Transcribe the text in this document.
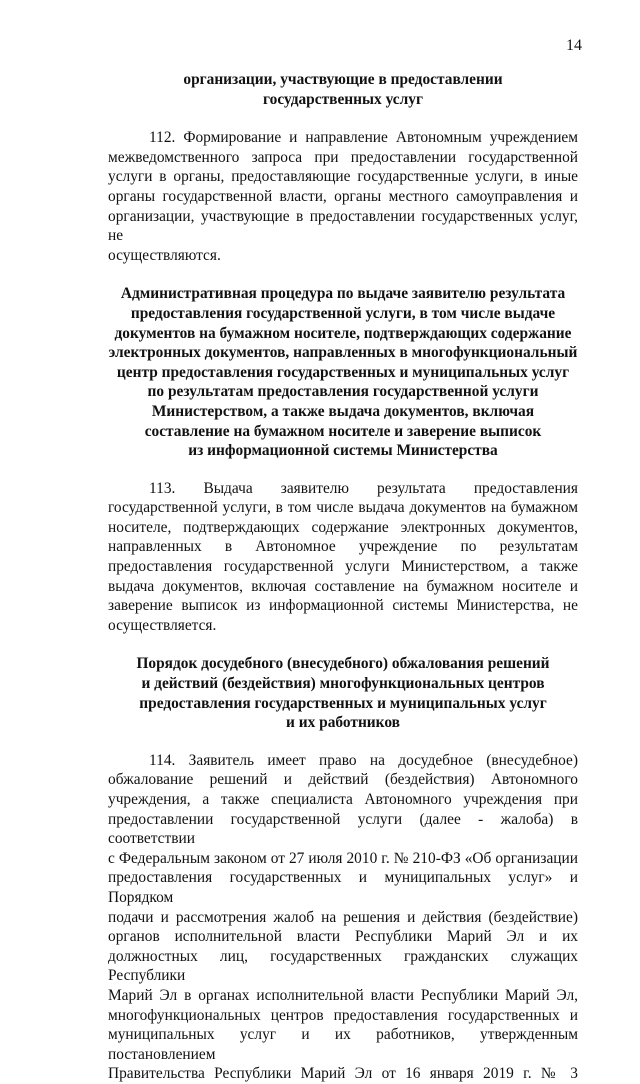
14
организации, участвующие в предоставлении
государственных услуг
112. Формирование и направление Автономным учреждением
межведомственного запроса при предоставлении государственной
услуги в органы, предоставляющие государственные услуги, в иные
органы государственной власти, органы местного самоуправления и
организации, участвующие в предоставлении государственных услуг, не
осуществляются.
Административная процедура по выдаче заявителю результата
предоставления государственной услуги, в том числе выдаче
документов на бумажном носителе, подтверждающих содержание
электронных документов, направленных в многофункциональный
центр предоставления государственных и муниципальных услуг
по результатам предоставления государственной услуги
Министерством, а также выдача документов, включая
составление на бумажном носителе и заверение выписок
из информационной системы Министерства
113. Выдача заявителю результата предоставления
государственной услуги, в том числе выдача документов на бумажном
носителе, подтверждающих содержание электронных документов,
направленных в Автономное учреждение по результатам
предоставления государственной услуги Министерством, а также
выдача документов, включая составление на бумажном носителе и
заверение выписок из информационной системы Министерства, не
осуществляется.
Порядок досудебного (внесудебного) обжалования решений
и действий (бездействия) многофункциональных центров
предоставления государственных и муниципальных услуг
и их работников
114. Заявитель имеет право на досудебное (внесудебное)
обжалование решений и действий (бездействия) Автономного
учреждения, а также специалиста Автономного учреждения при
предоставлении государственной услуги (далее - жалоба) в соответствии
с Федеральным законом от 27 июля 2010 г. № 210-ФЗ «Об организации
предоставления государственных и муниципальных услуг» и Порядком
подачи и рассмотрения жалоб на решения и действия (бездействие)
органов исполнительной власти Республики Марий Эл и их
должностных лиц, государственных гражданских служащих Республики
Марий Эл в органах исполнительной власти Республики Марий Эл,
многофункциональных центров предоставления государственных и
муниципальных услуг и их работников, утвержденным постановлением
Правительства Республики Марий Эл от 16 января 2019 г. № 3
